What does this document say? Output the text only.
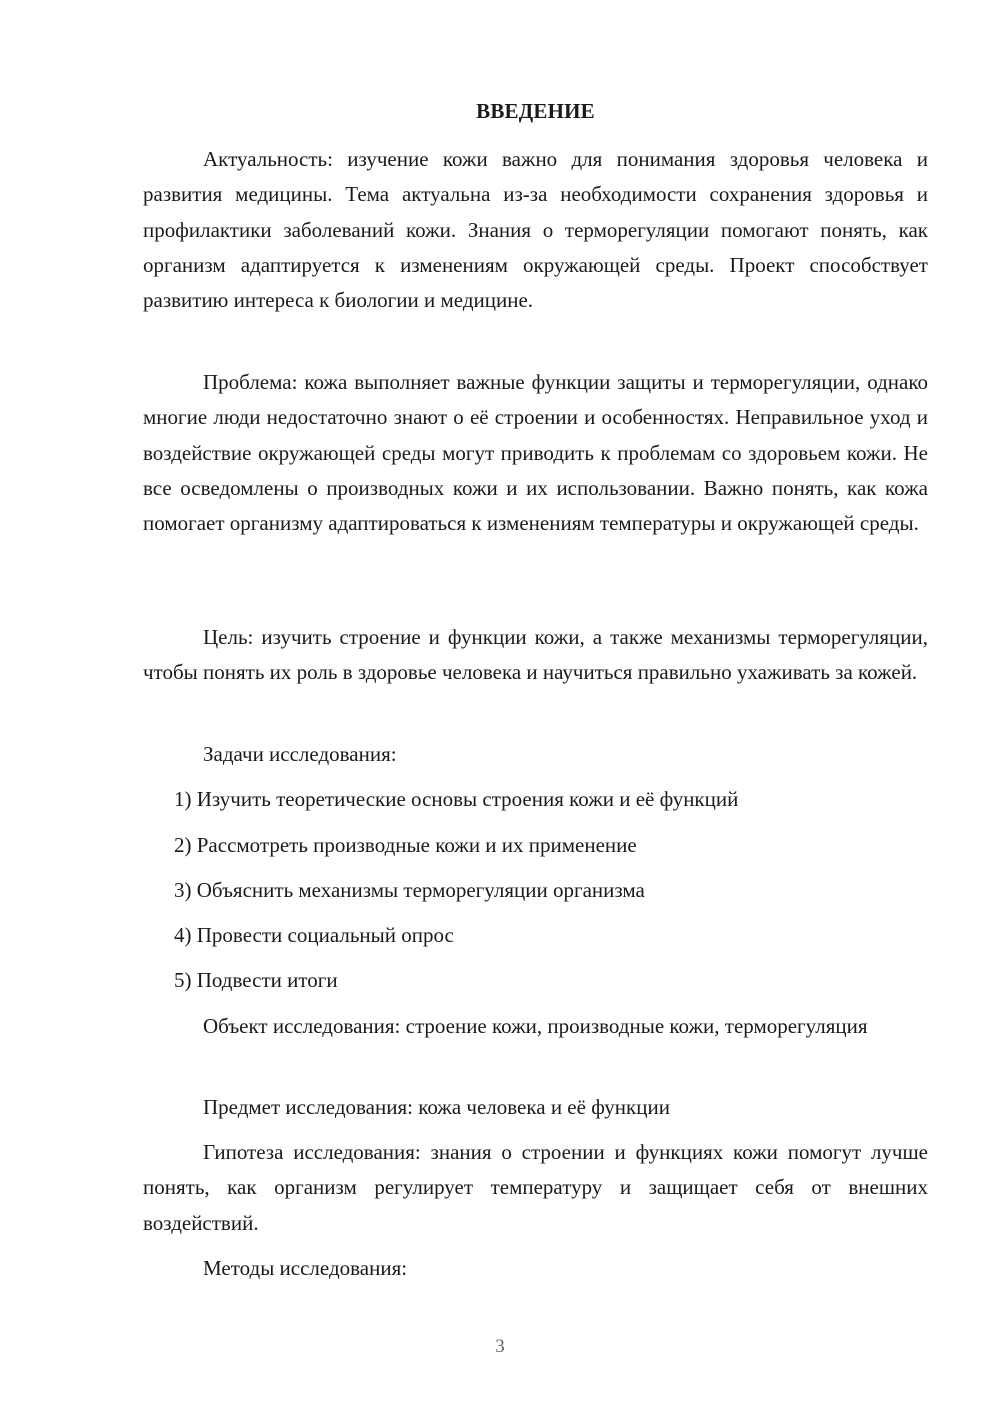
ВВЕДЕНИЕ

Актуальность: изучение кожи важно для понимания здоровья человека и развития медицины. Тема актуальна из-за необходимости сохранения здоровья и профилактики заболеваний кожи. Знания о терморегуляции помогают понять, как организм адаптируется к изменениям окружающей среды. Проект способствует развитию интереса к биологии и медицине.

Проблема: кожа выполняет важные функции защиты и терморегуляции, однако многие люди недостаточно знают о её строении и особенностях. Неправильное уход и воздействие окружающей среды могут приводить к проблемам со здоровьем кожи. Не все осведомлены о производных кожи и их использовании. Важно понять, как кожа помогает организму адаптироваться к изменениям температуры и окружающей среды.

Цель: изучить строение и функции кожи, а также механизмы терморегуляции, чтобы понять их роль в здоровье человека и научиться правильно ухаживать за кожей.

Задачи исследования:

1) Изучить теоретические основы строения кожи и её функций

2) Рассмотреть производные кожи и их применение

3) Объяснить механизмы терморегуляции организма

4) Провести социальный опрос

5) Подвести итоги

Объект исследования: строение кожи, производные кожи, терморегуляция

Предмет исследования: кожа человека и её функции

Гипотеза исследования: знания о строении и функциях кожи помогут лучше понять, как организм регулирует температуру и защищает себя от внешних воздействий.

Методы исследования:

3
